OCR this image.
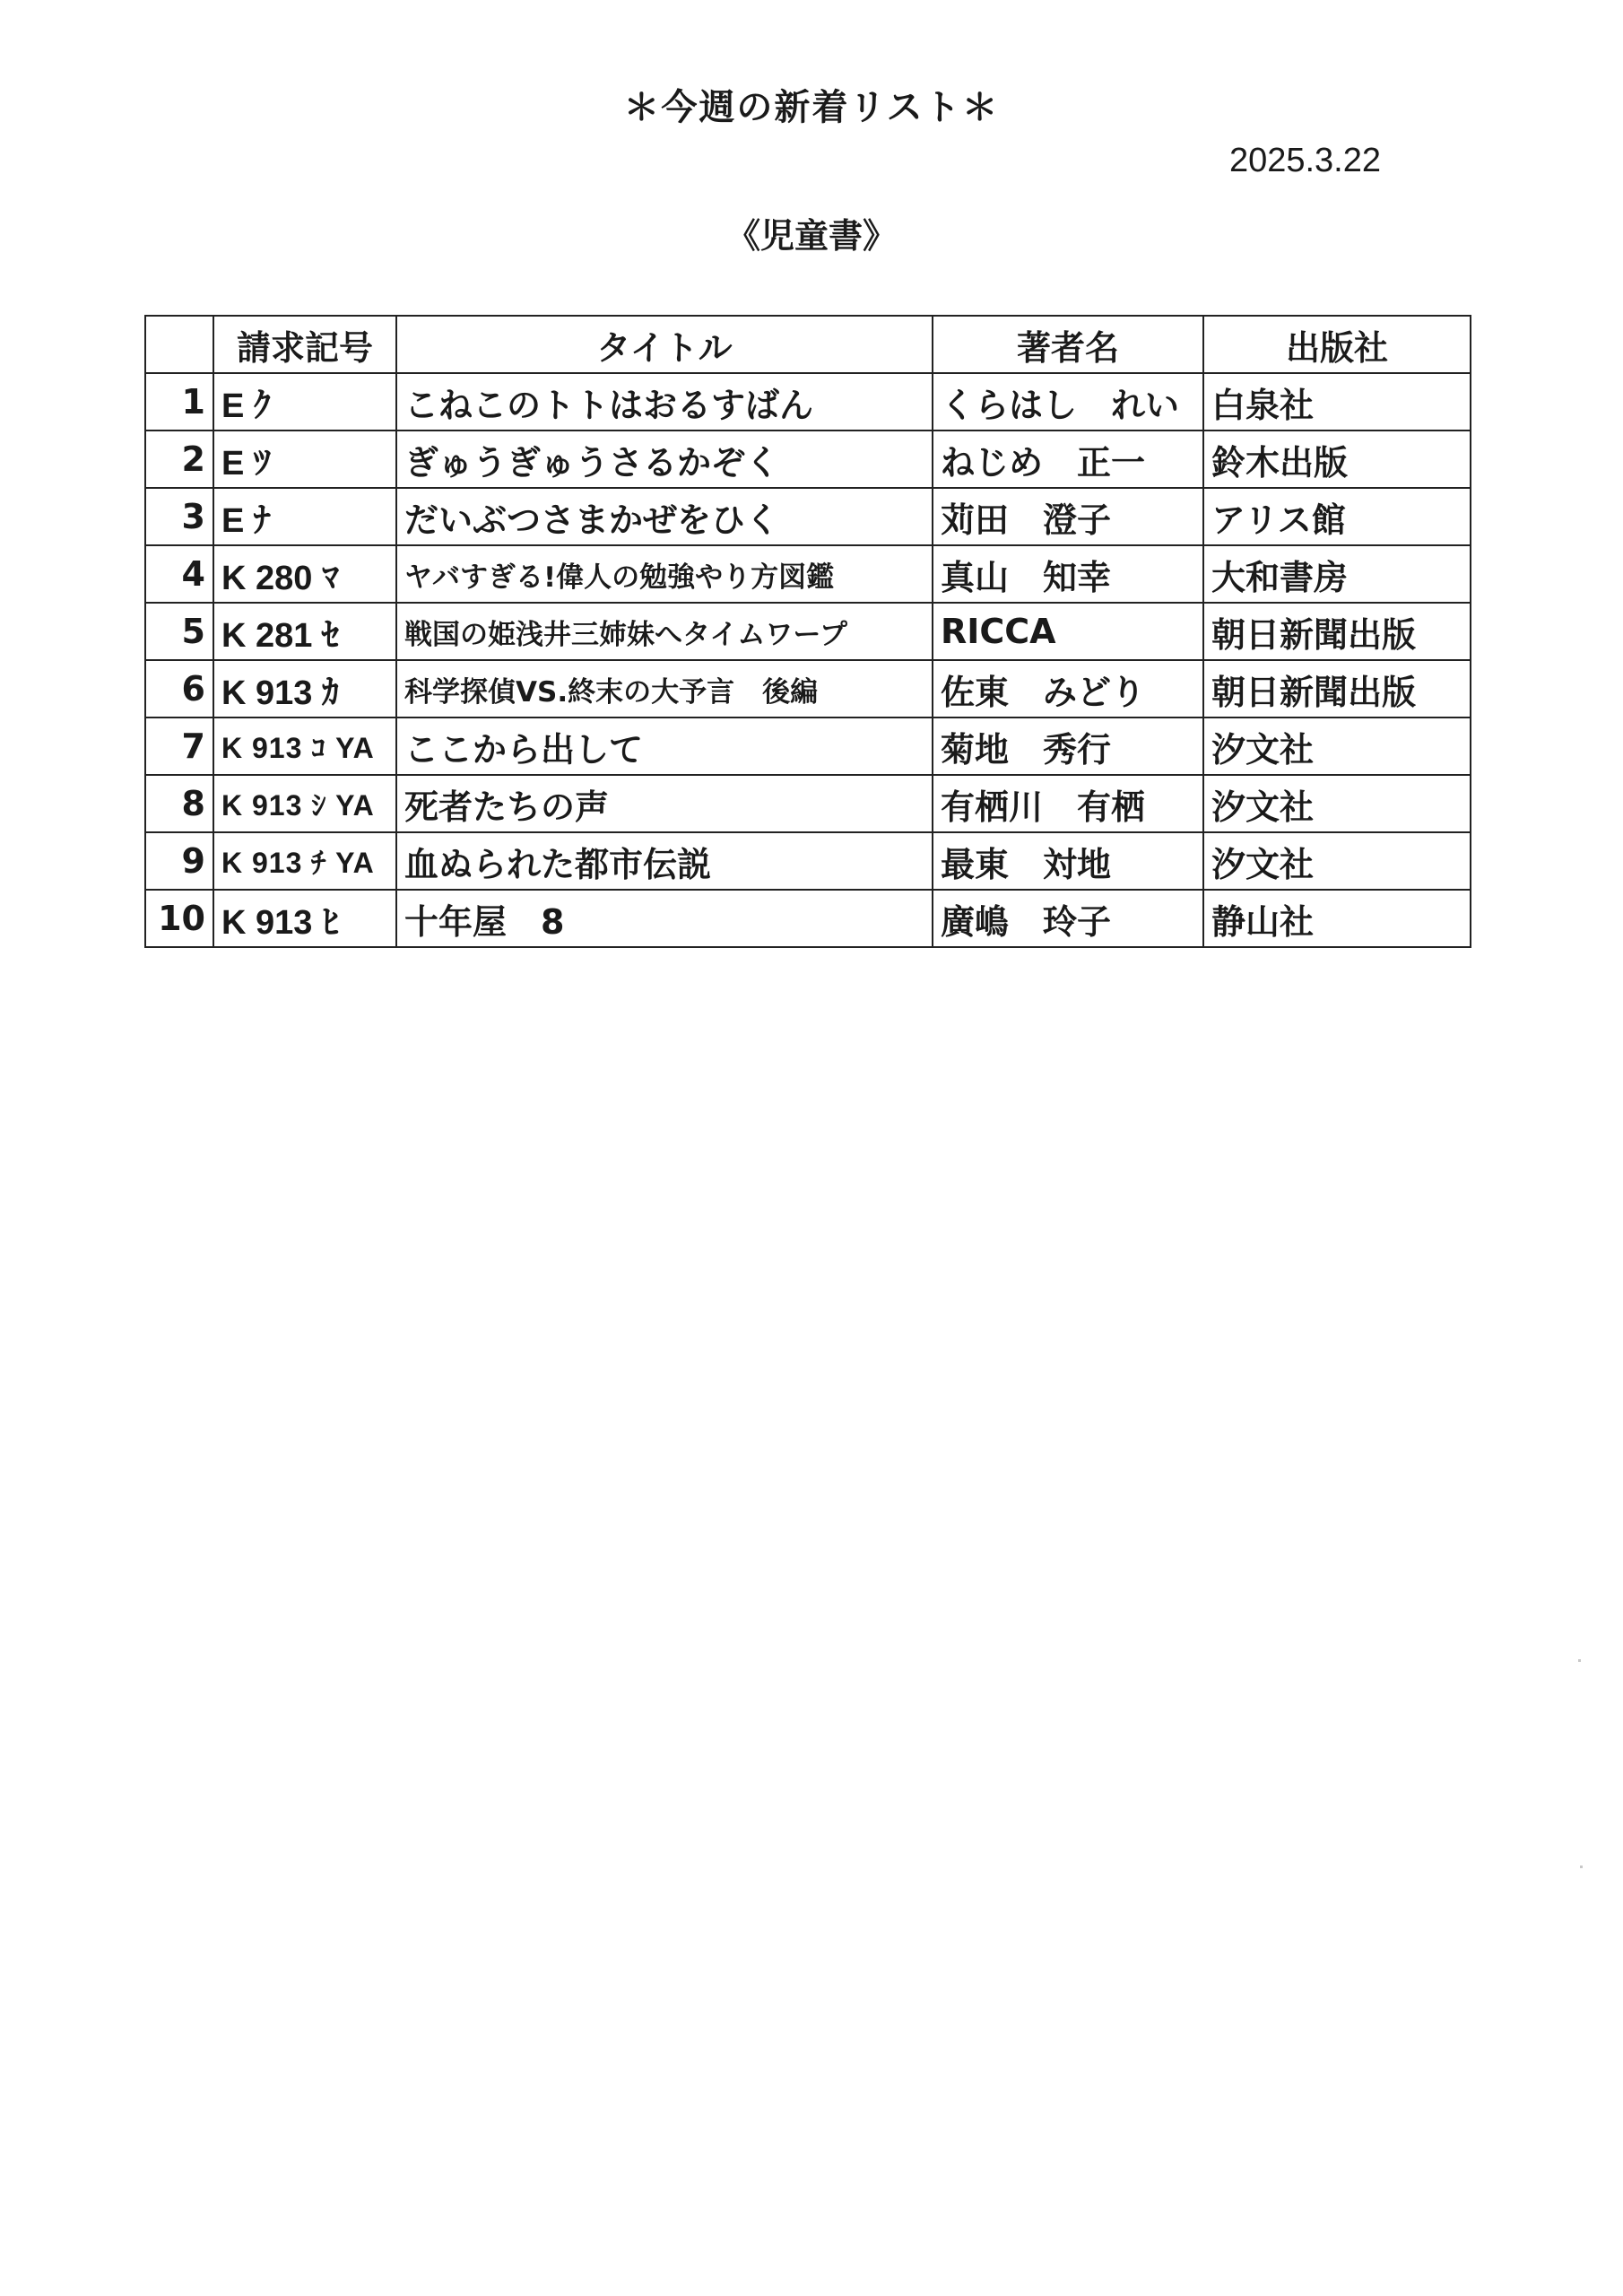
＊今週の新着リスト＊
2025.3.22
《児童書》
	請求記号	タイトル	著者名	出版社
1	E ｸ	こねこのトトはおるすばん	くらはし　れい	白泉社
2	E ﾂ	ぎゅうぎゅうさるかぞく	ねじめ　正一	鈴木出版
3	E ﾅ	だいぶつさまかぜをひく	苅田　澄子	アリス館
4	K 280 ﾏ	ヤバすぎる!偉人の勉強やり方図鑑	真山　知幸	大和書房
5	K 281 ｾ	戦国の姫浅井三姉妹へタイムワープ	RICCA	朝日新聞出版
6	K 913 ｶ	科学探偵VS.終末の大予言　後編	佐東　みどり	朝日新聞出版
7	K 913 ｺ YA	ここから出して	菊地　秀行	汐文社
8	K 913 ｼ YA	死者たちの声	有栖川　有栖	汐文社
9	K 913 ﾁ YA	血ぬられた都市伝説	最東　対地	汐文社
10	K 913 ﾋ	十年屋　8	廣嶋　玲子	静山社
